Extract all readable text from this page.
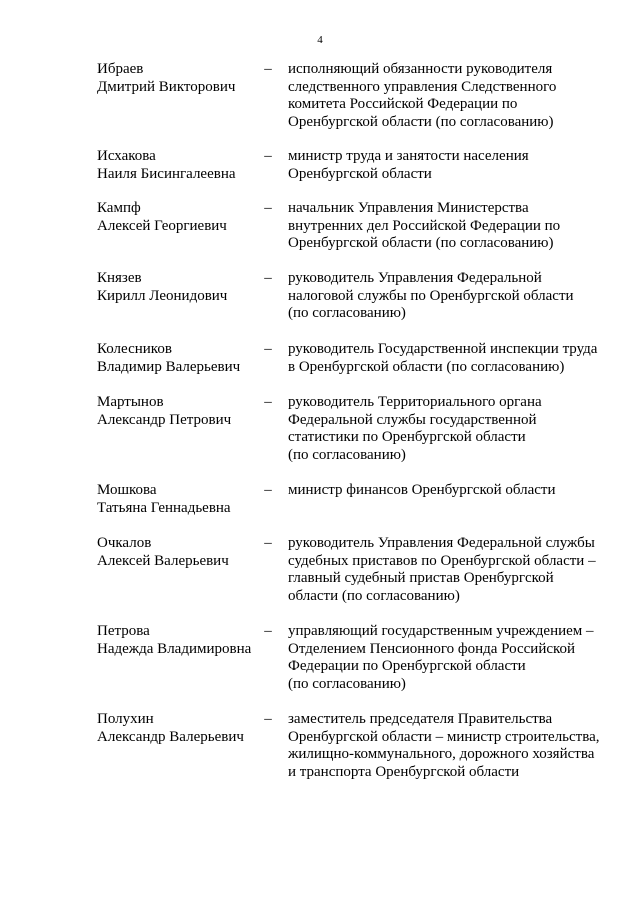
4
Ибраев
Дмитрий Викторович
– исполняющий обязанности руководителя
следственного управления Следственного
комитета Российской Федерации по
Оренбургской области (по согласованию)
Исхакова
Наиля Бисингалеевна
– министр труда и занятости населения
Оренбургской области
Кампф
Алексей Георгиевич
– начальник Управления Министерства
внутренних дел Российской Федерации по
Оренбургской области (по согласованию)
Князев
Кирилл Леонидович
– руководитель Управления Федеральной
налоговой службы по Оренбургской области
(по согласованию)
Колесников
Владимир Валерьевич
– руководитель Государственной инспекции труда
в Оренбургской области (по согласованию)
Мартынов
Александр Петрович
– руководитель Территориального органа
Федеральной службы государственной
статистики по Оренбургской области
(по согласованию)
Мошкова
Татьяна Геннадьевна
– министр финансов Оренбургской области
Очкалов
Алексей Валерьевич
– руководитель Управления Федеральной службы
судебных приставов по Оренбургской области –
главный судебный пристав Оренбургской
области (по согласованию)
Петрова
Надежда Владимировна
– управляющий государственным учреждением –
Отделением Пенсионного фонда Российской
Федерации по Оренбургской области
(по согласованию)
Полухин
Александр Валерьевич
– заместитель председателя Правительства
Оренбургской области – министр строительства,
жилищно-коммунального, дорожного хозяйства
и транспорта Оренбургской области
